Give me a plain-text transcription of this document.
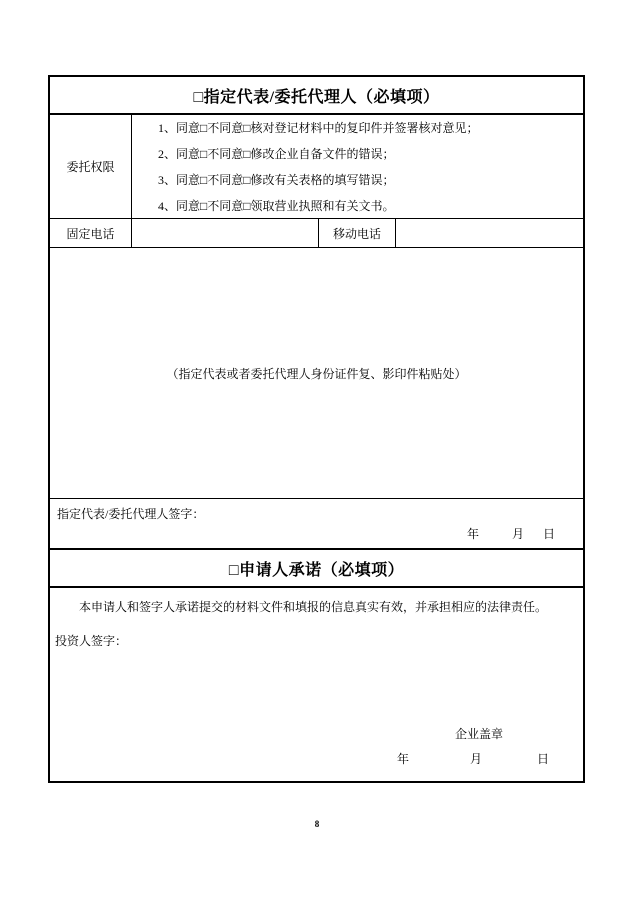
□指定代表/委托代理人（必填项）
委托权限
1、同意□不同意□核对登记材料中的复印件并签署核对意见；
2、同意□不同意□修改企业自备文件的错误；
3、同意□不同意□修改有关表格的填写错误；
4、同意□不同意□领取营业执照和有关文书。
固定电话	移动电话
（指定代表或者委托代理人身份证件复、影印件粘贴处）
指定代表/委托代理人签字：
年	月 日
□申请人承诺（必填项）

本申请人和签字人承诺提交的材料文件和填报的信息真实有效，并承担相应的法律责任。

投资人签字：
企业盖章
年	月	日
8
